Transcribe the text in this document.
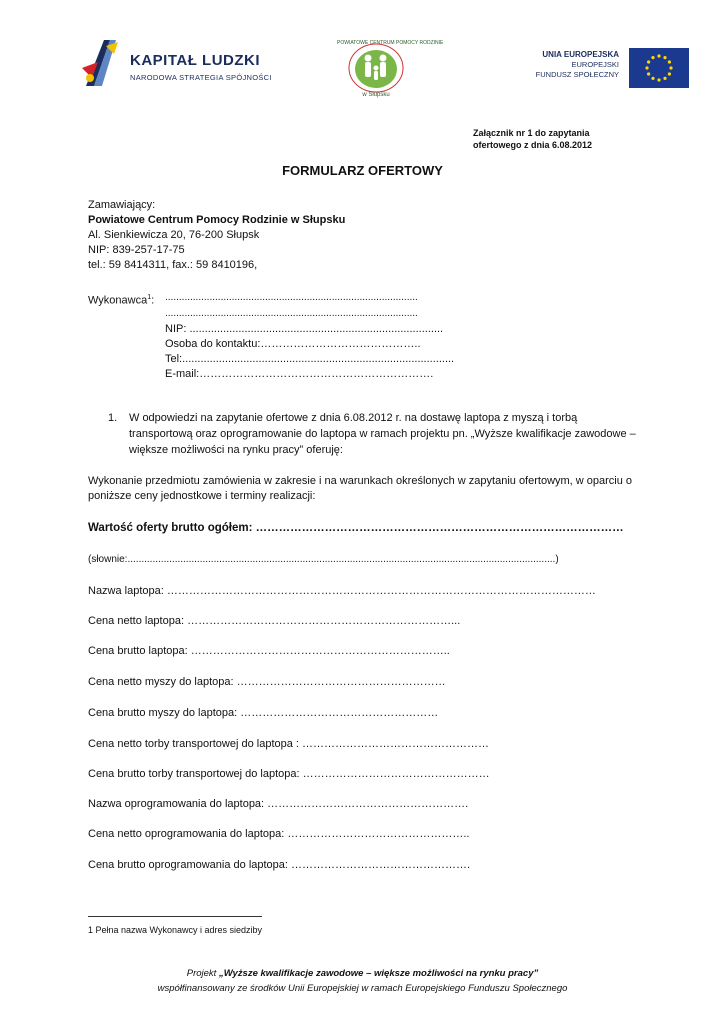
KAPITAŁ LUDZKI
NARODOWA STRATEGIA SPÓJNOŚCI
POWIATOWE CENTRUM POMOCY RODZINIE
w Słupsku
UNIA EUROPEJSKA
EUROPEJSKI
FUNDUSZ SPOŁECZNY
Załącznik nr 1 do zapytania
ofertowego z dnia 6.08.2012
FORMULARZ OFERTOWY
Zamawiający:
Powiatowe Centrum Pomocy Rodzinie w Słupsku
Al. Sienkiewicza 20, 76-200 Słupsk
NIP: 839-257-17-75
tel.: 59 8414311, fax.: 59 8410196,
Wykonawca$^1$: ...........................................................................................
...........................................................................................
NIP: ...................................................................................
Osoba do kontaktu:……………………………………..
Tel:.........................................................................................
E-mail:……………………………………………………….
1. W odpowiedzi na zapytanie ofertowe z dnia 6.08.2012 r. na dostawę laptopa z myszą i torbą
transportową oraz oprogramowanie do laptopa w ramach projektu pn. „Wyższe kwalifikacje zawodowe –
większe możliwości na rynku pracy” oferuję:
Wykonanie przedmiotu zamówienia w zakresie i na warunkach określonych w zapytaniu ofertowym, w oparciu o
poniższe ceny jednostkowe i terminy realizacji:
Wartość oferty brutto ogółem: ……………………………………………………………………………………
(słownie:..........................................................................................................................................................)
Nazwa laptopa: ………………………………………………………………………………………………………
Cena netto laptopa: ………………………………………………………………...
Cena brutto laptopa: ……………………………………………………………..
Cena netto myszy do laptopa: …………………………………………………
Cena brutto myszy do laptopa: ………………………………………………
Cena netto torby transportowej do laptopa : ……………………………………………
Cena brutto torby transportowej do laptopa: ……………………………………………
Nazwa oprogramowania do laptopa: ……………………………………………….
Cena netto oprogramowania do laptopa: …………………………………………..
Cena brutto oprogramowania do laptopa: ………………………………………….
1 Pełna nazwa Wykonawcy i adres siedziby
Projekt „Wyższe kwalifikacje zawodowe – większe możliwości na rynku pracy”
współfinansowany ze środków Unii Europejskiej w ramach Europejskiego Funduszu Społecznego
